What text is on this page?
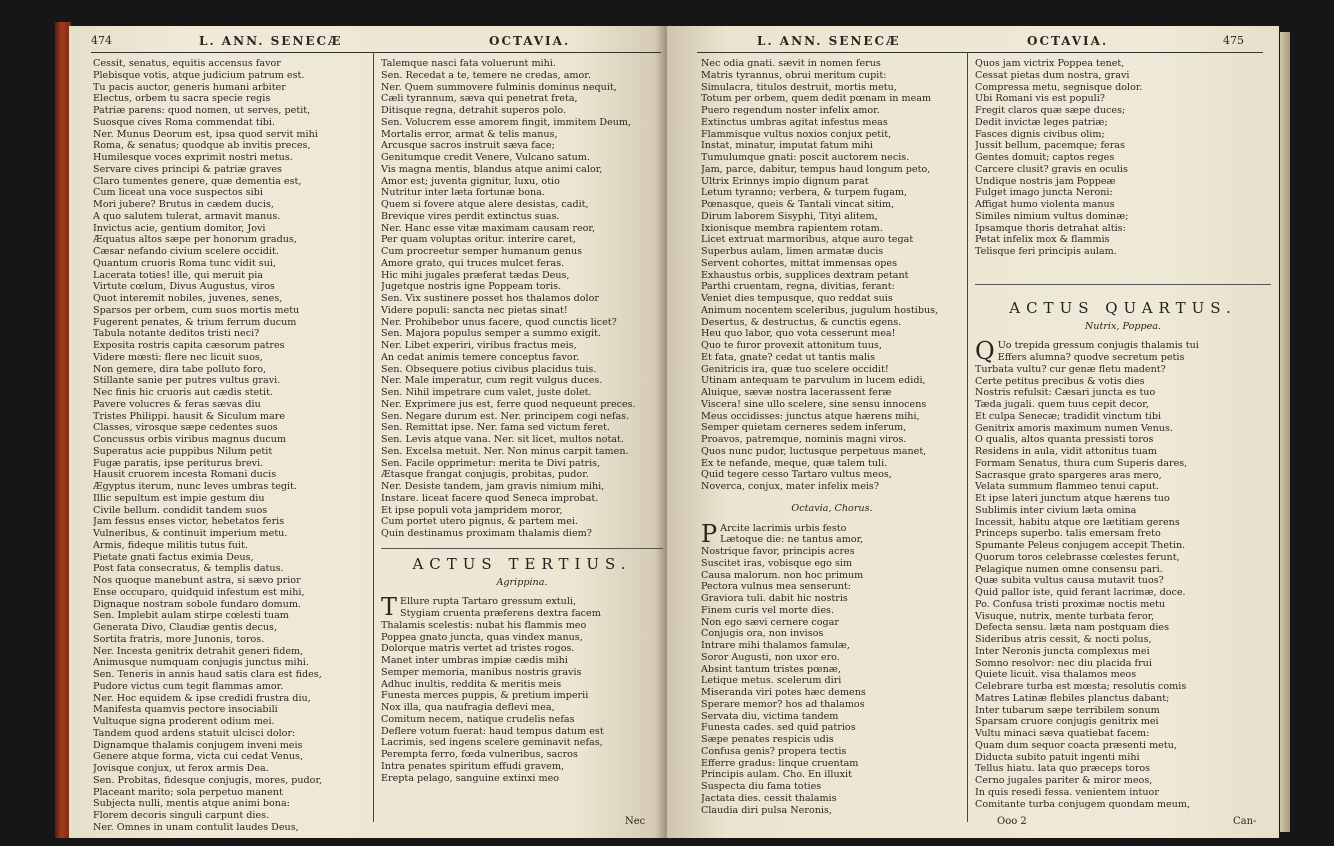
474	L. ANN. SENECÆ	OCTAVIA.

Cessit, senatus, equitis accensus favor

Plebisque votis, atque judicium patrum est.

Tu pacis auctor, generis humani arbiter

Electus, orbem tu sacra specie regis

Patriæ parens: quod nomen, ut serves, petit,

Suosque cives Roma commendat tibi.

Ner. Munus Deorum est, ipsa quod servit mihi

Roma, & senatus; quodque ab invitis preces,

Humilesque voces exprimit nostri metus.

Servare cives principi & patriæ graves

Claro tumentes genere, quæ dementia est,

Cum liceat una voce suspectos sibi

Mori jubere? Brutus in cædem ducis,

A quo salutem tulerat, armavit manus.

Invictus acie, gentium domitor, Jovi

Æquatus altos sæpe per honorum gradus,

Cæsar nefando civium scelere occidit.

Quantum cruoris Roma tunc vidit sui,

Lacerata toties! ille, qui meruit pia

Virtute cœlum, Divus Augustus, viros

Quot interemit nobiles, juvenes, senes,

Sparsos per orbem, cum suos mortis metu

Fugerent penates, & trium ferrum ducum

Tabula notante deditos tristi neci?

Exposita rostris capita cæsorum patres

Videre mœsti: flere nec licuit suos,

Non gemere, dira tabe polluto foro,

Stillante sanie per putres vultus gravi.

Nec finis hic cruoris aut cædis stetit.

Pavere volucres & feras sævas diu

Tristes Philippi. hausit & Siculum mare

Classes, virosque sæpe cedentes suos

Concussus orbis viribus magnus ducum

Superatus acie puppibus Nilum petit

Fugæ paratis, ipse periturus brevi.

Hausit cruorem incesta Romani ducis

Ægyptus iterum, nunc leves umbras tegit.

Illic sepultum est impie gestum diu

Civile bellum. condidit tandem suos

Jam fessus enses victor, hebetatos feris

Vulneribus, & continuit imperium metu.

Armis, fideque militis tutus fuit.

Pietate gnati factus eximia Deus,

Post fata consecratus, & templis datus.

Nos quoque manebunt astra, si sævo prior

Ense occuparo, quidquid infestum est mihi,

Dignaque nostram sobole fundaro domum.

Sen. Implebit aulam stirpe cœlesti tuam

Generata Divo, Claudiæ gentis decus,

Sortita fratris, more Junonis, toros.

Ner. Incesta genitrix detrahit generi fidem,

Animusque numquam conjugis junctus mihi.

Sen. Teneris in annis haud satis clara est fides,

Pudore victus cum tegit flammas amor.

Ner. Hoc equidem & ipse credidi frustra diu,

Manifesta quamvis pectore insociabili

Vultuque signa proderent odium mei.

Tandem quod ardens statuit ulcisci dolor:

Dignamque thalamis conjugem inveni meis

Genere atque forma, victa cui cedat Venus,

Jovisque conjux, ut ferox armis Dea.

Sen. Probitas, fidesque conjugis, mores, pudor,

Placeant marito; sola perpetuo manent

Subjecta nulli, mentis atque animi bona:

Florem decoris singuli carpunt dies.

Ner. Omnes in unam contulit laudes Deus,

Talemque nasci fata voluerunt mihi.

Sen. Recedat a te, temere ne credas, amor.

Ner. Quem summovere fulminis dominus nequit,

Cæli tyrannum, sæva qui penetrat freta,

Ditisque regna, detrahit superos polo.

Sen. Volucrem esse amorem fingit, immitem Deum,

Mortalis error, armat & telis manus,

Arcusque sacros instruit sæva face;

Genitumque credit Venere, Vulcano satum.

Vis magna mentis, blandus atque animi calor,

Amor est; juventa gignitur, luxu, otio

Nutritur inter læta fortunæ bona.

Quem si fovere atque alere desistas, cadit,

Brevique vires perdit extinctus suas.

Ner. Hanc esse vitæ maximam causam reor,

Per quam voluptas oritur. interire caret,

Cum procreetur semper humanum genus

Amore grato, qui truces mulcet feras.

Hic mihi jugales præferat tædas Deus,

Jugetque nostris igne Poppeam toris.

Sen. Vix sustinere posset hos thalamos dolor

Videre populi: sancta nec pietas sinat!

Ner. Prohibebor unus facere, quod cunctis licet?

Sen. Majora populus semper a summo exigit.

Ner. Libet experiri, viribus fractus meis,

An cedat animis temere conceptus favor.

Sen. Obsequere potius civibus placidus tuis.

Ner. Male imperatur, cum regit vulgus duces.

Sen. Nihil impetrare cum valet, juste dolet.

Ner. Exprimere jus est, ferre quod nequeunt preces.

Sen. Negare durum est. Ner. principem cogi nefas.

Sen. Remittat ipse. Ner. fama sed victum feret.

Sen. Levis atque vana. Ner. sit licet, multos notat.

Sen. Excelsa metuit. Ner. Non minus carpit tamen.

Sen. Facile opprimetur: merita te Divi patris,

Ætasque frangat conjugis, probitas, pudor.

Ner. Desiste tandem, jam gravis nimium mihi,

Instare. liceat facere quod Seneca improbat.

Et ipse populi vota jampridem moror,

Cum portet utero pignus, & partem mei.

Quin destinamus proximam thalamis diem?

ACTUS TERTIUS.
Agrippina.

T Ellure rupta Tartaro gressum extuli,

Stygiam cruenta præferens dextra facem

Thalamis scelestis: nubat his flammis meo

Poppea gnato juncta, quas vindex manus,

Dolorque matris vertet ad tristes rogos.

Manet inter umbras impiæ cædis mihi

Semper memoria, manibus nostris gravis

Adhuc inultis, reddita & meritis meis

Funesta merces puppis, & pretium imperii

Nox illa, qua naufragia deflevi mea,

Comitum necem, natique crudelis nefas

Deflere votum fuerat: haud tempus datum est

Lacrimis, sed ingens scelere geminavit nefas,

Perempta ferro, fœda vulneribus, sacros

Intra penates spiritum effudi gravem,

Erepta pelago, sanguine extinxi meo

Nec
L. ANN. SENECÆ	OCTAVIA.	475

Nec odia gnati. sævit in nomen ferus

Matris tyrannus, obrui meritum cupit:

Simulacra, titulos destruit, mortis metu,

Totum per orbem, quem dedit pœnam in meam

Puero regendum noster infelix amor.

Extinctus umbras agitat infestus meas

Flammisque vultus noxios conjux petit,

Instat, minatur, imputat fatum mihi

Tumulumque gnati: poscit auctorem necis.

Jam, parce, dabitur, tempus haud longum peto,

Ultrix Erinnys impio dignum parat

Letum tyranno; verbera, & turpem fugam,

Pœnasque, queis & Tantali vincat sitim,

Dirum laborem Sisyphi, Tityi alitem,

Ixionisque membra rapientem rotam.

Licet extruat marmoribus, atque auro tegat

Superbus aulam, limen armatæ ducis

Servent cohortes, mittat immensas opes

Exhaustus orbis, supplices dextram petant

Parthi cruentam, regna, divitias, ferant:

Veniet dies tempusque, quo reddat suis

Animum nocentem sceleribus, jugulum hostibus,

Desertus, & destructus, & cunctis egens.

Heu quo labor, quo vota cesserunt mea!

Quo te furor provexit attonitum tuus,

Et fata, gnate? cedat ut tantis malis

Genitricis ira, quæ tuo scelere occidit!

Utinam antequam te parvulum in lucem edidi,

Aluique, sævæ nostra lacerassent feræ

Viscera! sine ullo scelere, sine sensu innocens

Meus occidisses: junctus atque hærens mihi,

Semper quietam cerneres sedem inferum,

Proavos, patremque, nominis magni viros.

Quos nunc pudor, luctusque perpetuus manet,

Ex te nefande, meque, quæ talem tuli.

Quid tegere cesso Tartaro vultus meos,

Noverca, conjux, mater infelix meis?

Octavia, Chorus.

P Arcite lacrimis urbis festo

Lætoque die: ne tantus amor,

Nostrique favor, principis acres

Suscitet iras, vobisque ego sim

Causa malorum. non hoc primum

Pectora vulnus mea senserunt:

Graviora tuli. dabit hic nostris

Finem curis vel morte dies.

Non ego sævi cernere cogar

Conjugis ora, non invisos

Intrare mihi thalamos famulæ,

Soror Augusti, non uxor ero.

Absint tantum tristes pœnæ,

Letique metus. scelerum diri

Miseranda viri potes hæc demens

Sperare memor? hos ad thalamos

Servata diu, victima tandem

Funesta cades. sed quid patrios

Sæpe penates respicis udis

Confusa genis? propera tectis

Efferre gradus: linque cruentam

Principis aulam. Cho. En illuxit

Suspecta diu fama toties

Jactata dies. cessit thalamis

Claudia diri pulsa Neronis,

Quos jam victrix Poppea tenet,

Cessat pietas dum nostra, gravi

Compressa metu, segnisque dolor.

Ubi Romani vis est populi?

Fregit claros quæ sæpe duces;

Dedit invictæ leges patriæ;

Fasces dignis civibus olim;

Jussit bellum, pacemque; feras

Gentes domuit; captos reges

Carcere clusit? gravis en oculis

Undique nostris jam Poppeæ

Fulget imago juncta Neroni:

Affigat humo violenta manus

Similes nimium vultus dominæ;

Ipsamque thoris detrahat altis:

Petat infelix mox & flammis

Telisque feri principis aulam.

ACTUS QUARTUS.
Nutrix, Poppea.

Q Uo trepida gressum conjugis thalamis tui

Effers alumna? quodve secretum petis

Turbata vultu? cur genæ fletu madent?

Certe petitus precibus & votis dies

Nostris refulsit: Cæsari juncta es tuo

Tæda jugali. quem tuus cepit decor,

Et culpa Senecæ; tradidit vinctum tibi

Genitrix amoris maximum numen Venus.

O qualis, altos quanta pressisti toros

Residens in aula, vidit attonitus tuam

Formam Senatus, thura cum Superis dares,

Sacrasque grato spargeres aras mero,

Velata summum flammeo tenui caput.

Et ipse lateri junctum atque hærens tuo

Sublimis inter civium læta omina

Incessit, habitu atque ore lætitiam gerens

Princeps superbo. talis emersam freto

Spumante Peleus conjugem accepit Thetin.

Quorum toros celebrasse cœlestes ferunt,

Pelagique numen omne consensu pari.

Quæ subita vultus causa mutavit tuos?

Quid pallor iste, quid ferant lacrimæ, doce.

Po. Confusa tristi proximæ noctis metu

Visuque, nutrix, mente turbata feror,

Defecta sensu. læta nam postquam dies

Sideribus atris cessit, & nocti polus,

Inter Neronis juncta complexus mei

Somno resolvor: nec diu placida frui

Quiete licuit. visa thalamos meos

Celebrare turba est mœsta; resolutis comis

Matres Latinæ flebiles planctus dabant;

Inter tubarum sæpe terribilem sonum

Sparsam cruore conjugis genitrix mei

Vultu minaci sæva quatiebat facem:

Quam dum sequor coacta præsenti metu,

Diducta subito patuit ingenti mihi

Tellus hiatu. lata quo præceps toros

Cerno jugales pariter & miror meos,

In quis resedi fessa. venientem intuor

Comitante turba conjugem quondam meum,

Ooo 2	Can-
